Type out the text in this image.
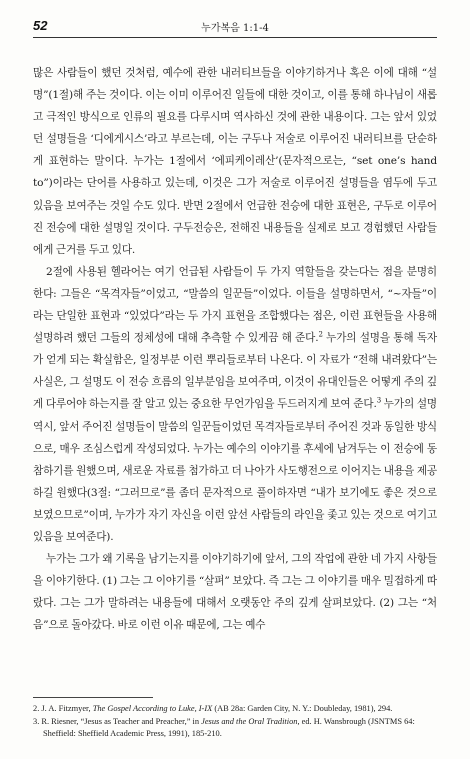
52	누가복음 1:1-4

많은 사람들이 했던 것처럼, 예수에 관한 내러티브들을 이야기하거나 혹은 이에 대해 “설명”(1절)해 주는 것이다. 이는 이미 이루어진 일들에 대한 것이고, 이를 통해 하나님이 새롭고 극적인 방식으로 인류의 필요를 다루시며 역사하신 것에 관한 내용이다. 그는 앞서 있었던 설명들을 ‘디에게시스’라고 부르는데, 이는 구두나 저술로 이루어진 내러티브를 단순하게 표현하는 말이다. 누가는 1절에서 ‘에피케이레산’(문자적으로는, “set one’s hand to”)이라는 단어를 사용하고 있는데, 이것은 그가 저술로 이루어진 설명들을 염두에 두고 있음을 보여주는 것일 수도 있다. 반면 2절에서 언급한 전승에 대한 표현은, 구두로 이루어진 전승에 대한 설명일 것이다. 구두전승은, 전해진 내용들을 실제로 보고 경험했던 사람들에게 근거를 두고 있다.

2절에 사용된 헬라어는 여기 언급된 사람들이 두 가지 역할들을 갖는다는 점을 분명히 한다: 그들은 “목격자들”이었고, “말씀의 일꾼들”이었다. 이들을 설명하면서, “~자들”이라는 단일한 표현과 “있었다”라는 두 가지 표현을 조합했다는 점은, 이런 표현들을 사용해 설명하려 했던 그들의 정체성에 대해 추측할 수 있게끔 해 준다.$^2$ 누가의 설명을 통해 독자가 얻게 되는 확실함은, 일정부분 이런 뿌리들로부터 나온다. 이 자료가 “전해 내려왔다”는 사실은, 그 설명도 이 전승 흐름의 일부분임을 보여주며, 이것이 유대인들은 어떻게 주의 깊게 다루어야 하는지를 잘 알고 있는 중요한 무언가임을 두드러지게 보여 준다.$^3$ 누가의 설명 역시, 앞서 주어진 설명들이 말씀의 일꾼들이었던 목격자들로부터 주어진 것과 동일한 방식으로, 매우 조심스럽게 작성되었다. 누가는 예수의 이야기를 후세에 남겨두는 이 전승에 동참하기를 원했으며, 새로운 자료를 첨가하고 더 나아가 사도행전으로 이어지는 내용을 제공하길 원했다(3절: “그러므로”를 좀더 문자적으로 풀이하자면 “내가 보기에도 좋은 것으로 보였으므로”이며, 누가가 자기 자신을 이런 앞선 사람들의 라인을 좇고 있는 것으로 여기고 있음을 보여준다).

누가는 그가 왜 기록을 남기는지를 이야기하기에 앞서, 그의 작업에 관한 네 가지 사항들을 이야기한다. (1) 그는 그 이야기를 “살펴” 보았다. 즉 그는 그 이야기를 매우 밀접하게 따랐다. 그는 그가 말하려는 내용들에 대해서 오랫동안 주의 깊게 살펴보았다. (2) 그는 “처음”으로 돌아갔다. 바로 이런 이유 때문에, 그는 예수

2. J. A. Fitzmyer, The Gospel According to Luke, I-IX (AB 28a: Garden City, N. Y.: Doubleday, 1981), 294.

3. R. Riesner, “Jesus as Teacher and Preacher,” in Jesus and the Oral Tradition, ed. H. Wansbrough (JSNTMS 64: Sheffield: Sheffield Academic Press, 1991), 185-210.
